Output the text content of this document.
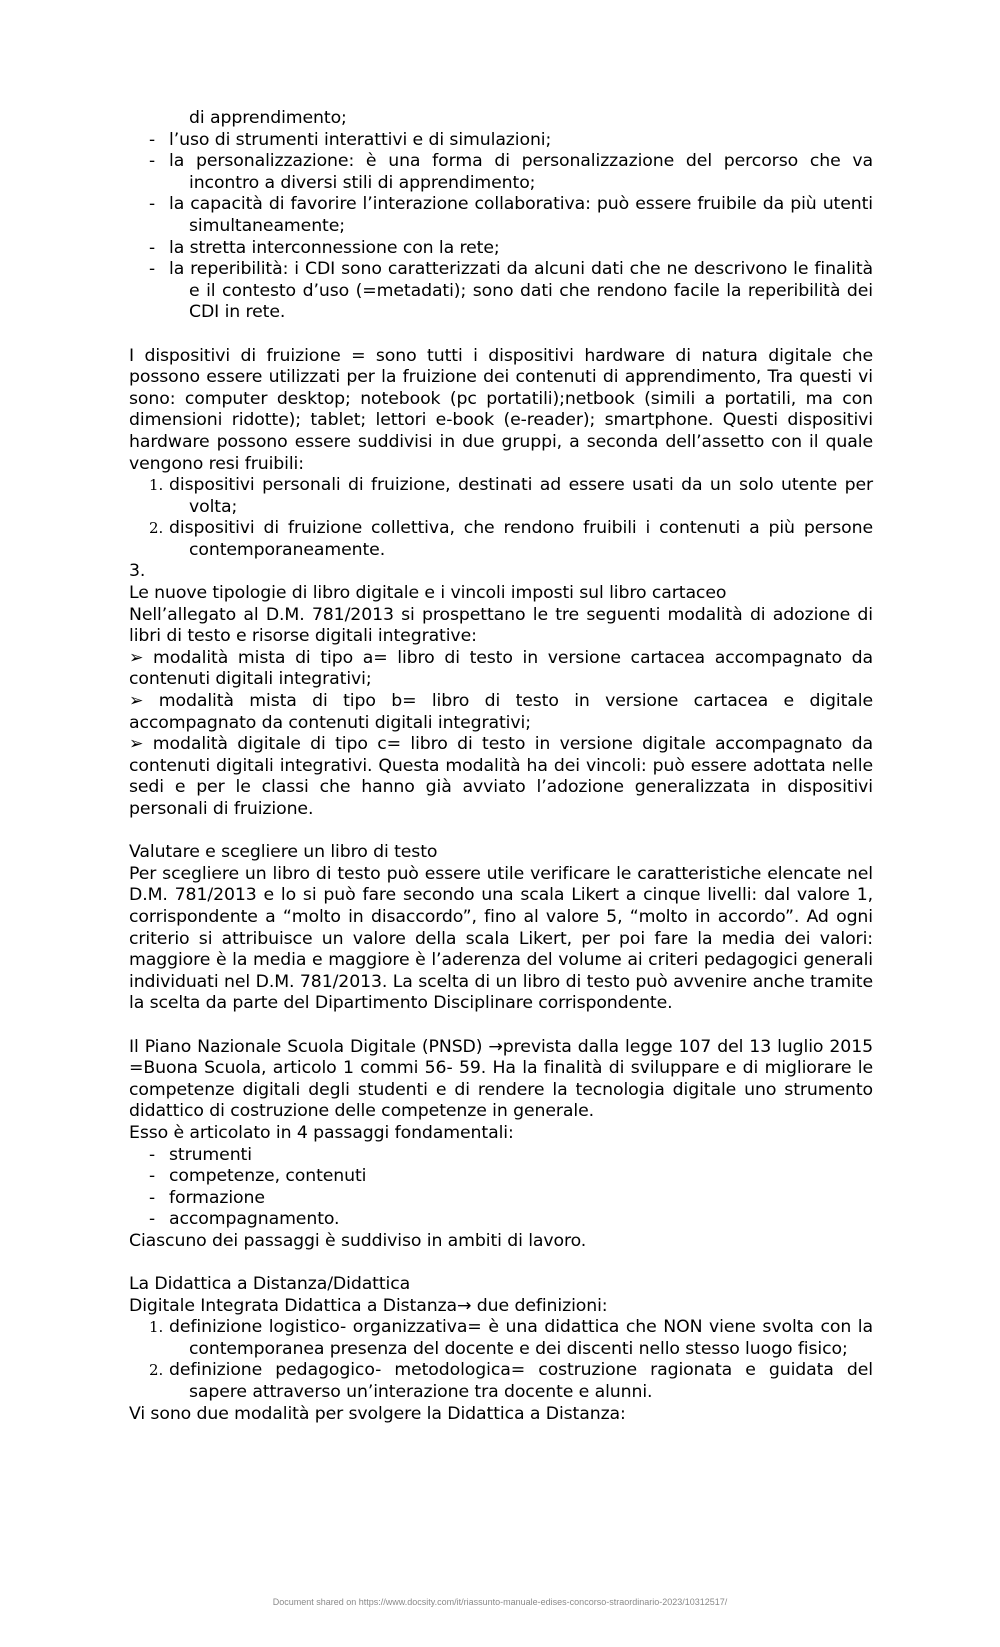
di apprendimento;
- l’uso di strumenti interattivi e di simulazioni;
- la personalizzazione: è una forma di personalizzazione del percorso che va incontro a diversi stili di apprendimento;
- la capacità di favorire l’interazione collaborativa: può essere fruibile da più utenti simultaneamente;
- la stretta interconnessione con la rete;
- la reperibilità: i CDI sono caratterizzati da alcuni dati che ne descrivono le finalità e il contesto d’uso (=metadati); sono dati che rendono facile la reperibilità dei CDI in rete.
I dispositivi di fruizione = sono tutti i dispositivi hardware di natura digitale che possono essere utilizzati per la fruizione dei contenuti di apprendimento, Tra questi vi sono: computer desktop; notebook (pc portatili);netbook (simili a portatili, ma con dimensioni ridotte); tablet; lettori e-book (e-reader); smartphone. Questi dispositivi hardware possono essere suddivisi in due gruppi, a seconda dell’assetto con il quale vengono resi fruibili:
1. dispositivi personali di fruizione, destinati ad essere usati da un solo utente per volta;
2. dispositivi di fruizione collettiva, che rendono fruibili i contenuti a più persone contemporaneamente.
3.
Le nuove tipologie di libro digitale e i vincoli imposti sul libro cartaceo
Nell’allegato al D.M. 781/2013 si prospettano le tre seguenti modalità di adozione di libri di testo e risorse digitali integrative:
➢ modalità mista di tipo a= libro di testo in versione cartacea accompagnato da contenuti digitali integrativi;
➢ modalità mista di tipo b= libro di testo in versione cartacea e digitale accompagnato da contenuti digitali integrativi;
➢ modalità digitale di tipo c= libro di testo in versione digitale accompagnato da contenuti digitali integrativi. Questa modalità ha dei vincoli: può essere adottata nelle sedi e per le classi che hanno già avviato l’adozione generalizzata in dispositivi personali di fruizione.
Valutare e scegliere un libro di testo
Per scegliere un libro di testo può essere utile verificare le caratteristiche elencate nel D.M. 781/2013 e lo si può fare secondo una scala Likert a cinque livelli: dal valore 1, corrispondente a “molto in disaccordo”, fino al valore 5, “molto in accordo”. Ad ogni criterio si attribuisce un valore della scala Likert, per poi fare la media dei valori: maggiore è la media e maggiore è l’aderenza del volume ai criteri pedagogici generali individuati nel D.M. 781/2013. La scelta di un libro di testo può avvenire anche tramite la scelta da parte del Dipartimento Disciplinare corrispondente.
Il Piano Nazionale Scuola Digitale (PNSD) →prevista dalla legge 107 del 13 luglio 2015 =Buona Scuola, articolo 1 commi 56- 59. Ha la finalità di sviluppare e di migliorare le competenze digitali degli studenti e di rendere la tecnologia digitale uno strumento didattico di costruzione delle competenze in generale.
Esso è articolato in 4 passaggi fondamentali:
- strumenti
- competenze, contenuti
- formazione
- accompagnamento.
Ciascuno dei passaggi è suddiviso in ambiti di lavoro.
La Didattica a Distanza/Didattica
Digitale Integrata Didattica a Distanza→ due definizioni:
1. definizione logistico- organizzativa= è una didattica che NON viene svolta con la contemporanea presenza del docente e dei discenti nello stesso luogo fisico;
2. definizione pedagogico- metodologica= costruzione ragionata e guidata del sapere attraverso un’interazione tra docente e alunni.
Vi sono due modalità per svolgere la Didattica a Distanza:
Document shared on https://www.docsity.com/it/riassunto-manuale-edises-concorso-straordinario-2023/10312517/
